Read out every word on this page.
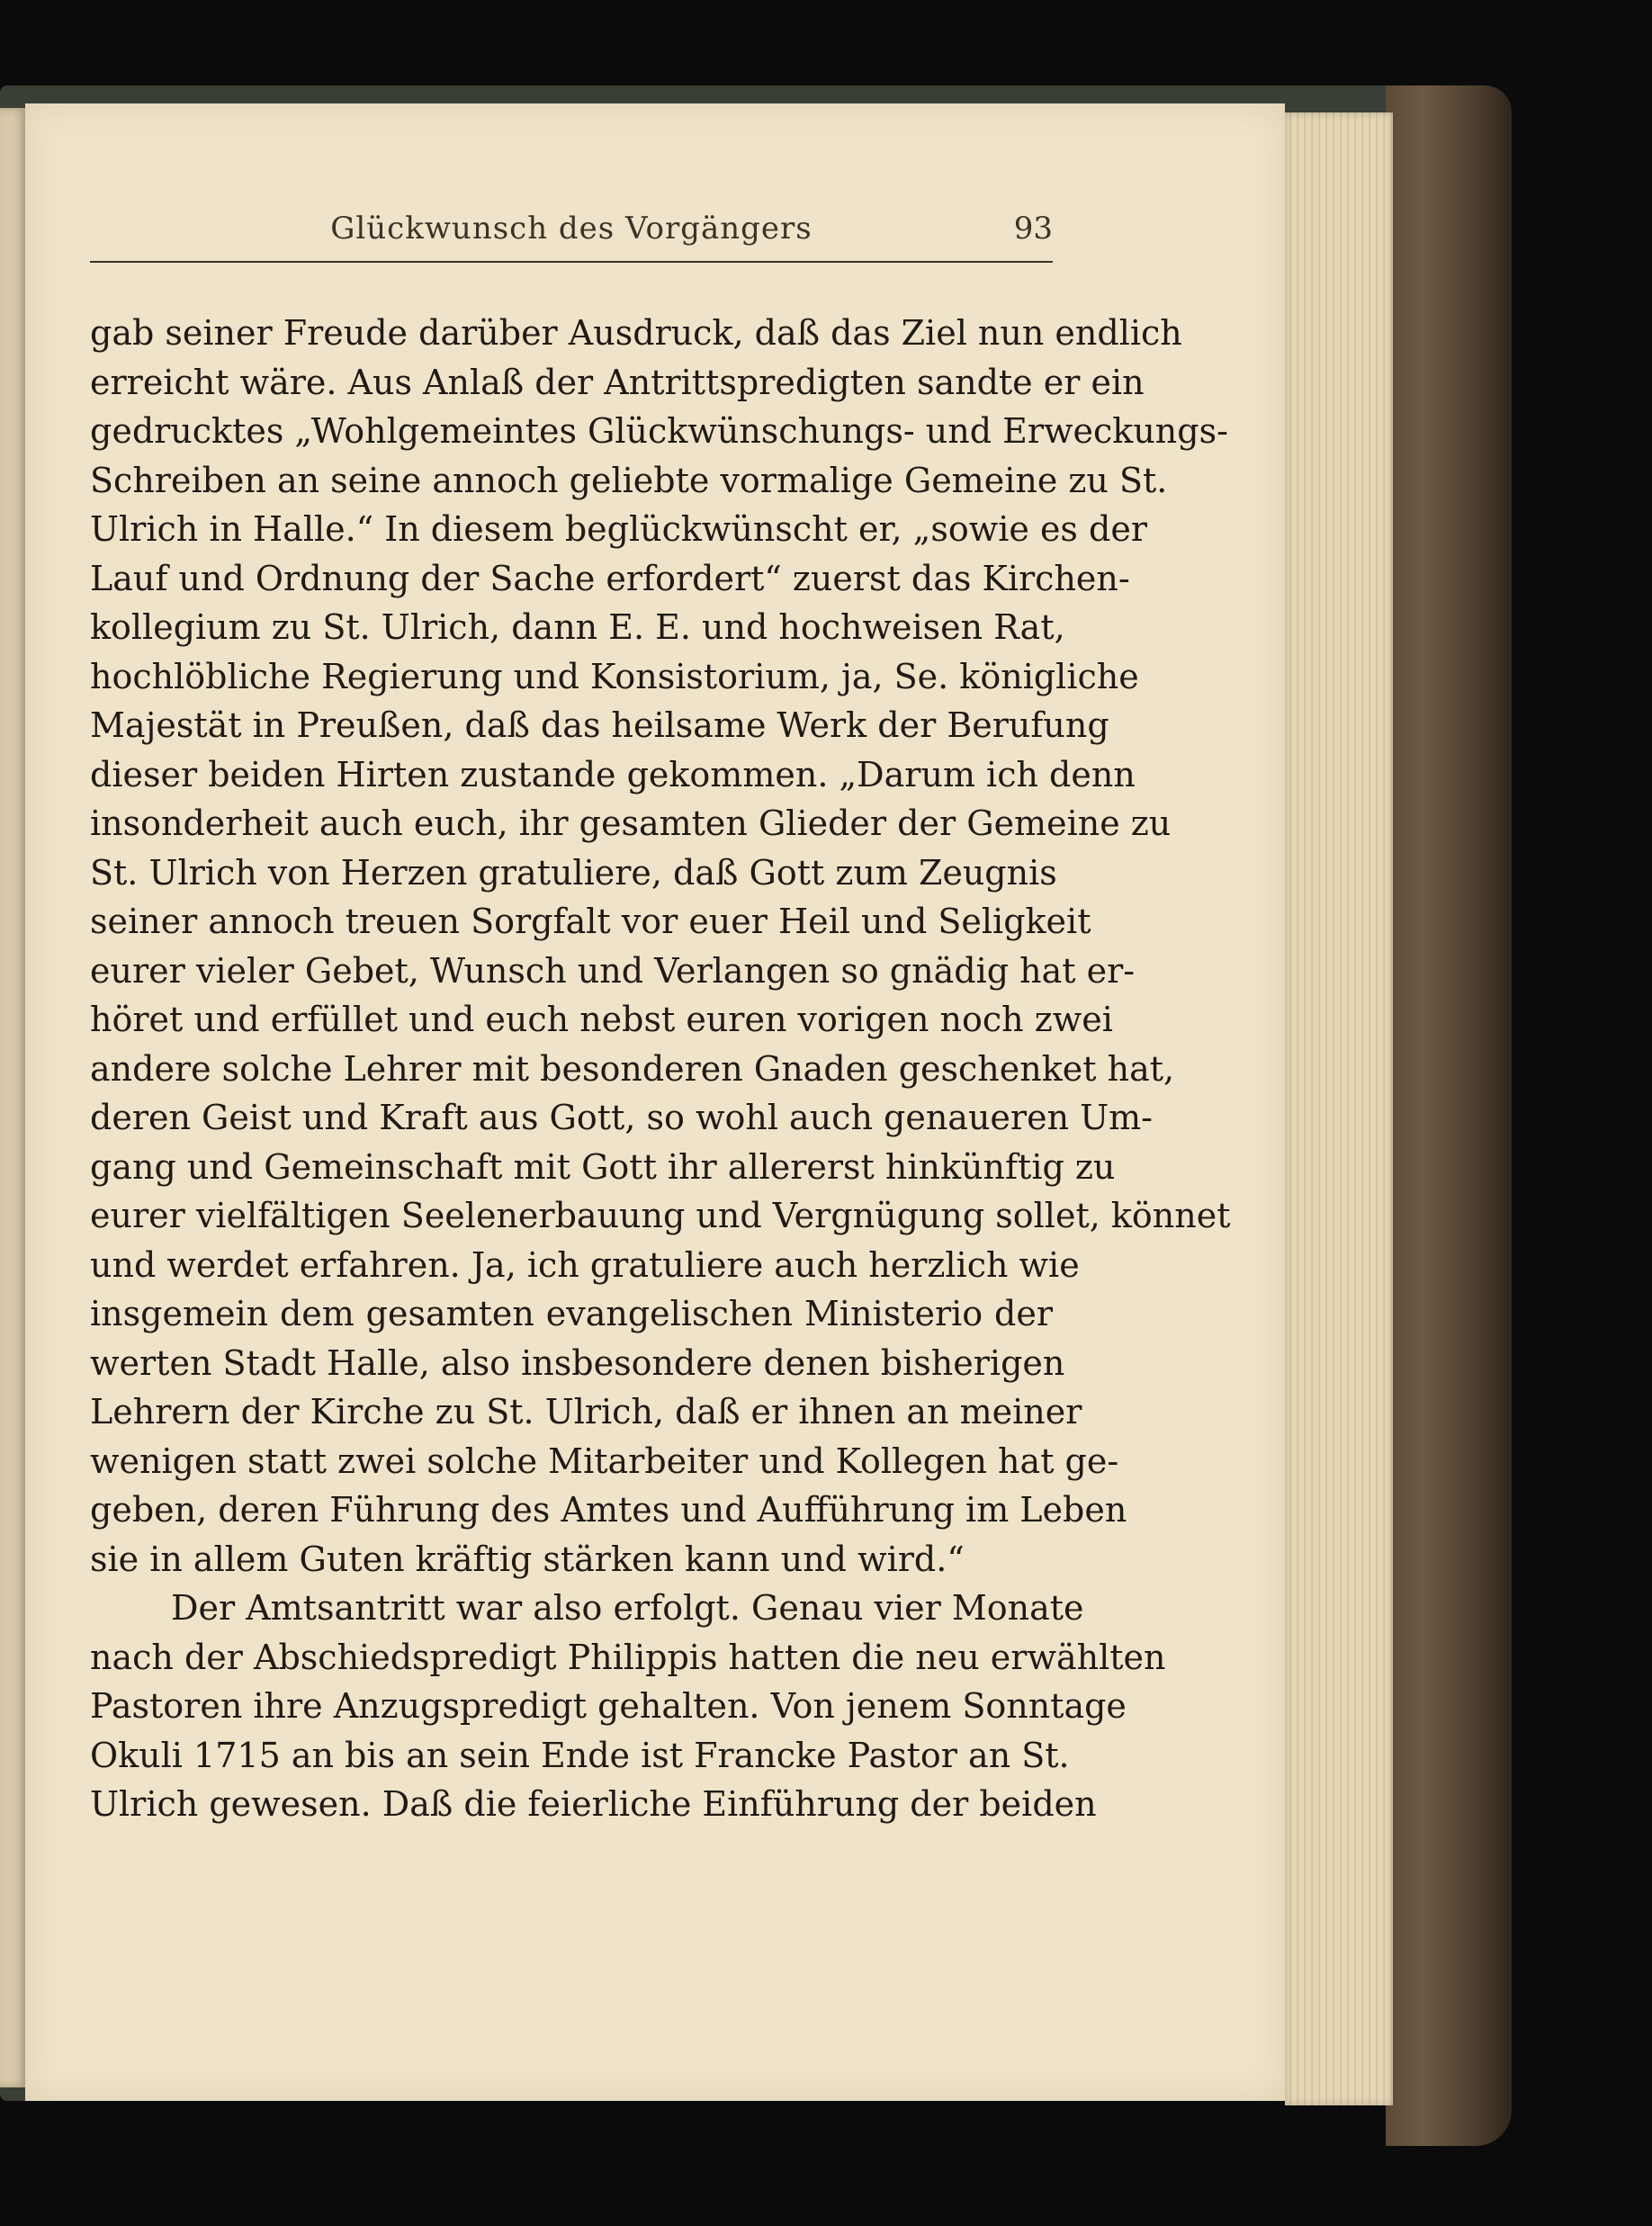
Glückwunsch des Vorgängers	93
gab seiner Freude darüber Ausdruck, daß das Ziel nun endlich
erreicht wäre. Aus Anlaß der Antrittspredigten sandte er ein
gedrucktes „Wohlgemeintes Glückwünschungs- und Erweckungs-
Schreiben an seine annoch geliebte vormalige Gemeine zu St.
Ulrich in Halle.“ In diesem beglückwünscht er, „sowie es der
Lauf und Ordnung der Sache erfordert“ zuerst das Kirchen-
kollegium zu St. Ulrich, dann E. E. und hochweisen Rat,
hochlöbliche Regierung und Konsistorium, ja, Se. königliche
Majestät in Preußen, daß das heilsame Werk der Berufung
dieser beiden Hirten zustande gekommen. „Darum ich denn
insonderheit auch euch, ihr gesamten Glieder der Gemeine zu
St. Ulrich von Herzen gratuliere, daß Gott zum Zeugnis
seiner annoch treuen Sorgfalt vor euer Heil und Seligkeit
eurer vieler Gebet, Wunsch und Verlangen so gnädig hat er-
höret und erfüllet und euch nebst euren vorigen noch zwei
andere solche Lehrer mit besonderen Gnaden geschenket hat,
deren Geist und Kraft aus Gott, so wohl auch genaueren Um-
gang und Gemeinschaft mit Gott ihr allererst hinkünftig zu
eurer vielfältigen Seelenerbauung und Vergnügung sollet, könnet
und werdet erfahren. Ja, ich gratuliere auch herzlich wie
insgemein dem gesamten evangelischen Ministerio der
werten Stadt Halle, also insbesondere denen bisherigen
Lehrern der Kirche zu St. Ulrich, daß er ihnen an meiner
wenigen statt zwei solche Mitarbeiter und Kollegen hat ge-
geben, deren Führung des Amtes und Aufführung im Leben
sie in allem Guten kräftig stärken kann und wird.“
Der Amtsantritt war also erfolgt. Genau vier Monate
nach der Abschiedspredigt Philippis hatten die neu erwählten
Pastoren ihre Anzugspredigt gehalten. Von jenem Sonntage
Okuli 1715 an bis an sein Ende ist Francke Pastor an St.
Ulrich gewesen. Daß die feierliche Einführung der beiden
